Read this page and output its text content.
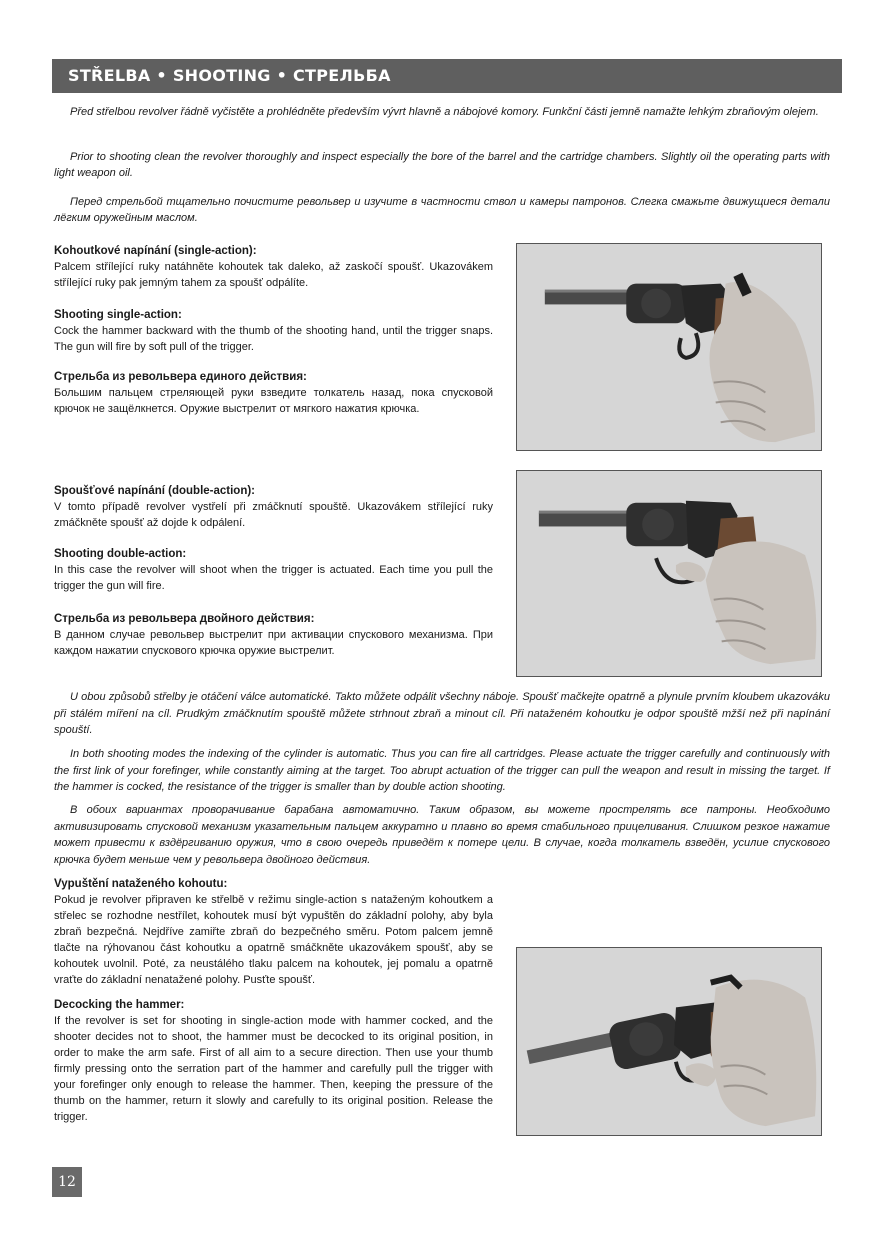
STŘELBA • SHOOTING • СТРЕЛЬБА

Před střelbou revolver řádně vyčistěte a prohlédněte především vývrt hlavně a nábojové komory. Funkční části jemně namažte lehkým zbraňovým olejem.

Prior to shooting clean the revolver thoroughly and inspect especially the bore of the barrel and the cartridge chambers. Slightly oil the operating parts with light weapon oil.

Перед стрельбой тщательно почистите револьвер и изучите в частности ствол и камеры патронов. Слегка смажьте движущиеся детали лёгким оружейным маслом.

Kohoutkové napínání (single-action):

Palcem střílející ruky natáhněte kohoutek tak daleko, až zaskočí spoušť. Ukazovákem střílející ruky pak jemným tahem za spoušť odpálíte.

Shooting single-action:

Cock the hammer backward with the thumb of the shooting hand, until the trigger snaps. The gun will fire by soft pull of the trigger.

Стрельба из револьвера единого действия:

Большим пальцем стреляющей руки взведите толкатель назад, пока спусковой крючок не защёлкнется. Оружие выстрелит от мягкого нажатия крючка.

Spoušťové napínání (double-action):

V tomto případě revolver vystřelí při zmáčknutí spouště. Ukazovákem střílející ruky zmáčkněte spoušť až dojde k odpálení.

Shooting double-action:

In this case the revolver will shoot when the trigger is actuated. Each time you pull the trigger the gun will fire.

Стрельба из револьвера двойного действия:

В данном случае револьвер выстрелит при активации спускового механизма. При каждом нажатии спускового крючка оружие выстрелит.

U obou způsobů střelby je otáčení válce automatické. Takto můžete odpálit všechny náboje. Spoušť mačkejte opatrně a plynule prvním kloubem ukazováku při stálém míření na cíl. Prudkým zmáčknutím spouště můžete strhnout zbraň a minout cíl. Při nataženém kohoutku je odpor spouště mžší než při napínání spouští.

In both shooting modes the indexing of the cylinder is automatic. Thus you can fire all cartridges. Please actuate the trigger carefully and continuously with the first link of your forefinger, while constantly aiming at the target. Too abrupt actuation of the trigger can pull the weapon and result in missing the target. If the hammer is cocked, the resistance of the trigger is smaller than by double action shooting.

В обоих вариантах проворачивание барабана автоматично. Таким образом, вы можете прострелять все патроны. Необходимо активизировать спусковой механизм указательным пальцем аккуратно и плавно во время стабильного прицеливания. Слишком резкое нажатие может привести к вздёргиванию оружия, что в свою очередь приведёт к потере цели. В случае, когда толкатель взведён, усилие спускового крючка будет меньше чем у револьвера двойного действия.

Vypuštění nataženého kohoutu:

Pokud je revolver připraven ke střelbě v režimu single-action s nataženým kohoutkem a střelec se rozhodne nestřílet, kohoutek musí být vypuštěn do základní polohy, aby byla zbraň bezpečná. Nejdříve zamiřte zbraň do bezpečného směru. Potom palcem jemně tlačte na rýhovanou část kohoutku a opatrně smáčkněte ukazovákem spoušť, aby se kohoutek uvolnil. Poté, za neustálého tlaku palcem na kohoutek, jej pomalu a opatrně vraťte do základní nenatažené polohy. Pusťte spoušť.

Decocking the hammer:

If the revolver is set for shooting in single-action mode with hammer cocked, and the shooter decides not to shoot, the hammer must be decocked to its original position, in order to make the arm safe. First of all aim to a secure direction. Then use your thumb firmly pressing onto the serration part of the hammer and carefully pull the trigger with your forefinger only enough to release the hammer. Then, keeping the pressure of the thumb on the hammer, return it slowly and carefully to its original position. Release the trigger.

12
